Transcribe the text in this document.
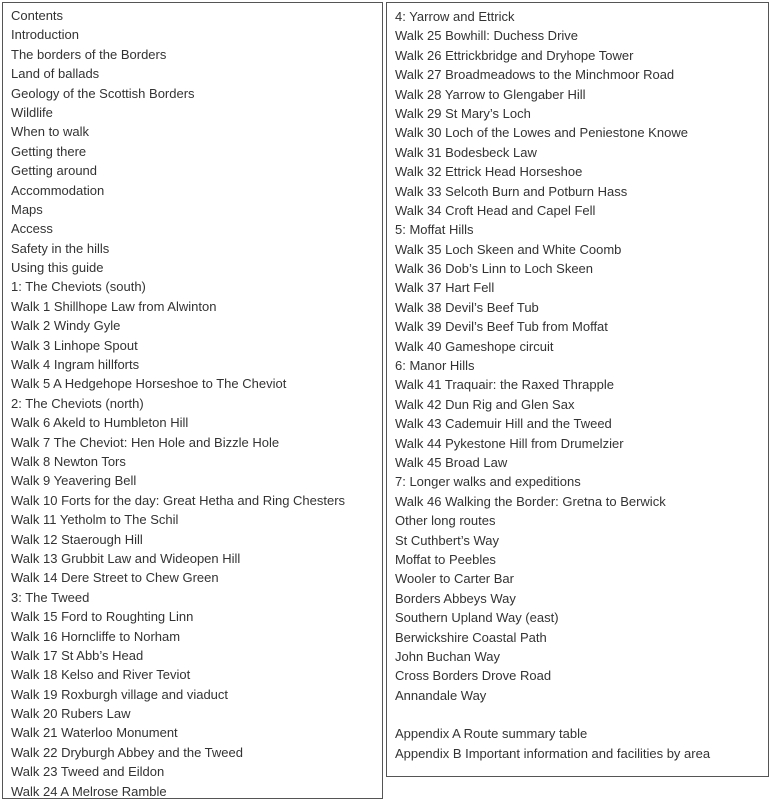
Contents
Introduction
The borders of the Borders
Land of ballads
Geology of the Scottish Borders
Wildlife
When to walk
Getting there
Getting around
Accommodation
Maps
Access
Safety in the hills
Using this guide
1: The Cheviots (south)
Walk 1 Shillhope Law from Alwinton
Walk 2 Windy Gyle
Walk 3 Linhope Spout
Walk 4 Ingram hillforts
Walk 5 A Hedgehope Horseshoe to The Cheviot
2: The Cheviots (north)
Walk 6 Akeld to Humbleton Hill
Walk 7 The Cheviot: Hen Hole and Bizzle Hole
Walk 8 Newton Tors
Walk 9 Yeavering Bell
Walk 10 Forts for the day: Great Hetha and Ring Chesters
Walk 11 Yetholm to The Schil
Walk 12 Staerough Hill
Walk 13 Grubbit Law and Wideopen Hill
Walk 14 Dere Street to Chew Green
3: The Tweed
Walk 15 Ford to Roughting Linn
Walk 16 Horncliffe to Norham
Walk 17 St Abb’s Head
Walk 18 Kelso and River Teviot
Walk 19 Roxburgh village and viaduct
Walk 20 Rubers Law
Walk 21 Waterloo Monument
Walk 22 Dryburgh Abbey and the Tweed
Walk 23 Tweed and Eildon
Walk 24 A Melrose Ramble
4: Yarrow and Ettrick
Walk 25 Bowhill: Duchess Drive
Walk 26 Ettrickbridge and Dryhope Tower
Walk 27 Broadmeadows to the Minchmoor Road
Walk 28 Yarrow to Glengaber Hill
Walk 29 St Mary’s Loch
Walk 30 Loch of the Lowes and Peniestone Knowe
Walk 31 Bodesbeck Law
Walk 32 Ettrick Head Horseshoe
Walk 33 Selcoth Burn and Potburn Hass
Walk 34 Croft Head and Capel Fell
5: Moffat Hills
Walk 35 Loch Skeen and White Coomb
Walk 36 Dob’s Linn to Loch Skeen
Walk 37 Hart Fell
Walk 38 Devil’s Beef Tub
Walk 39 Devil’s Beef Tub from Moffat
Walk 40 Gameshope circuit
6: Manor Hills
Walk 41 Traquair: the Raxed Thrapple
Walk 42 Dun Rig and Glen Sax
Walk 43 Cademuir Hill and the Tweed
Walk 44 Pykestone Hill from Drumelzier
Walk 45 Broad Law
7: Longer walks and expeditions
Walk 46 Walking the Border: Gretna to Berwick
Other long routes
St Cuthbert’s Way
Moffat to Peebles
Wooler to Carter Bar
Borders Abbeys Way
Southern Upland Way (east)
Berwickshire Coastal Path
John Buchan Way
Cross Borders Drove Road
Annandale Way
Appendix A Route summary table
Appendix B Important information and facilities by area
